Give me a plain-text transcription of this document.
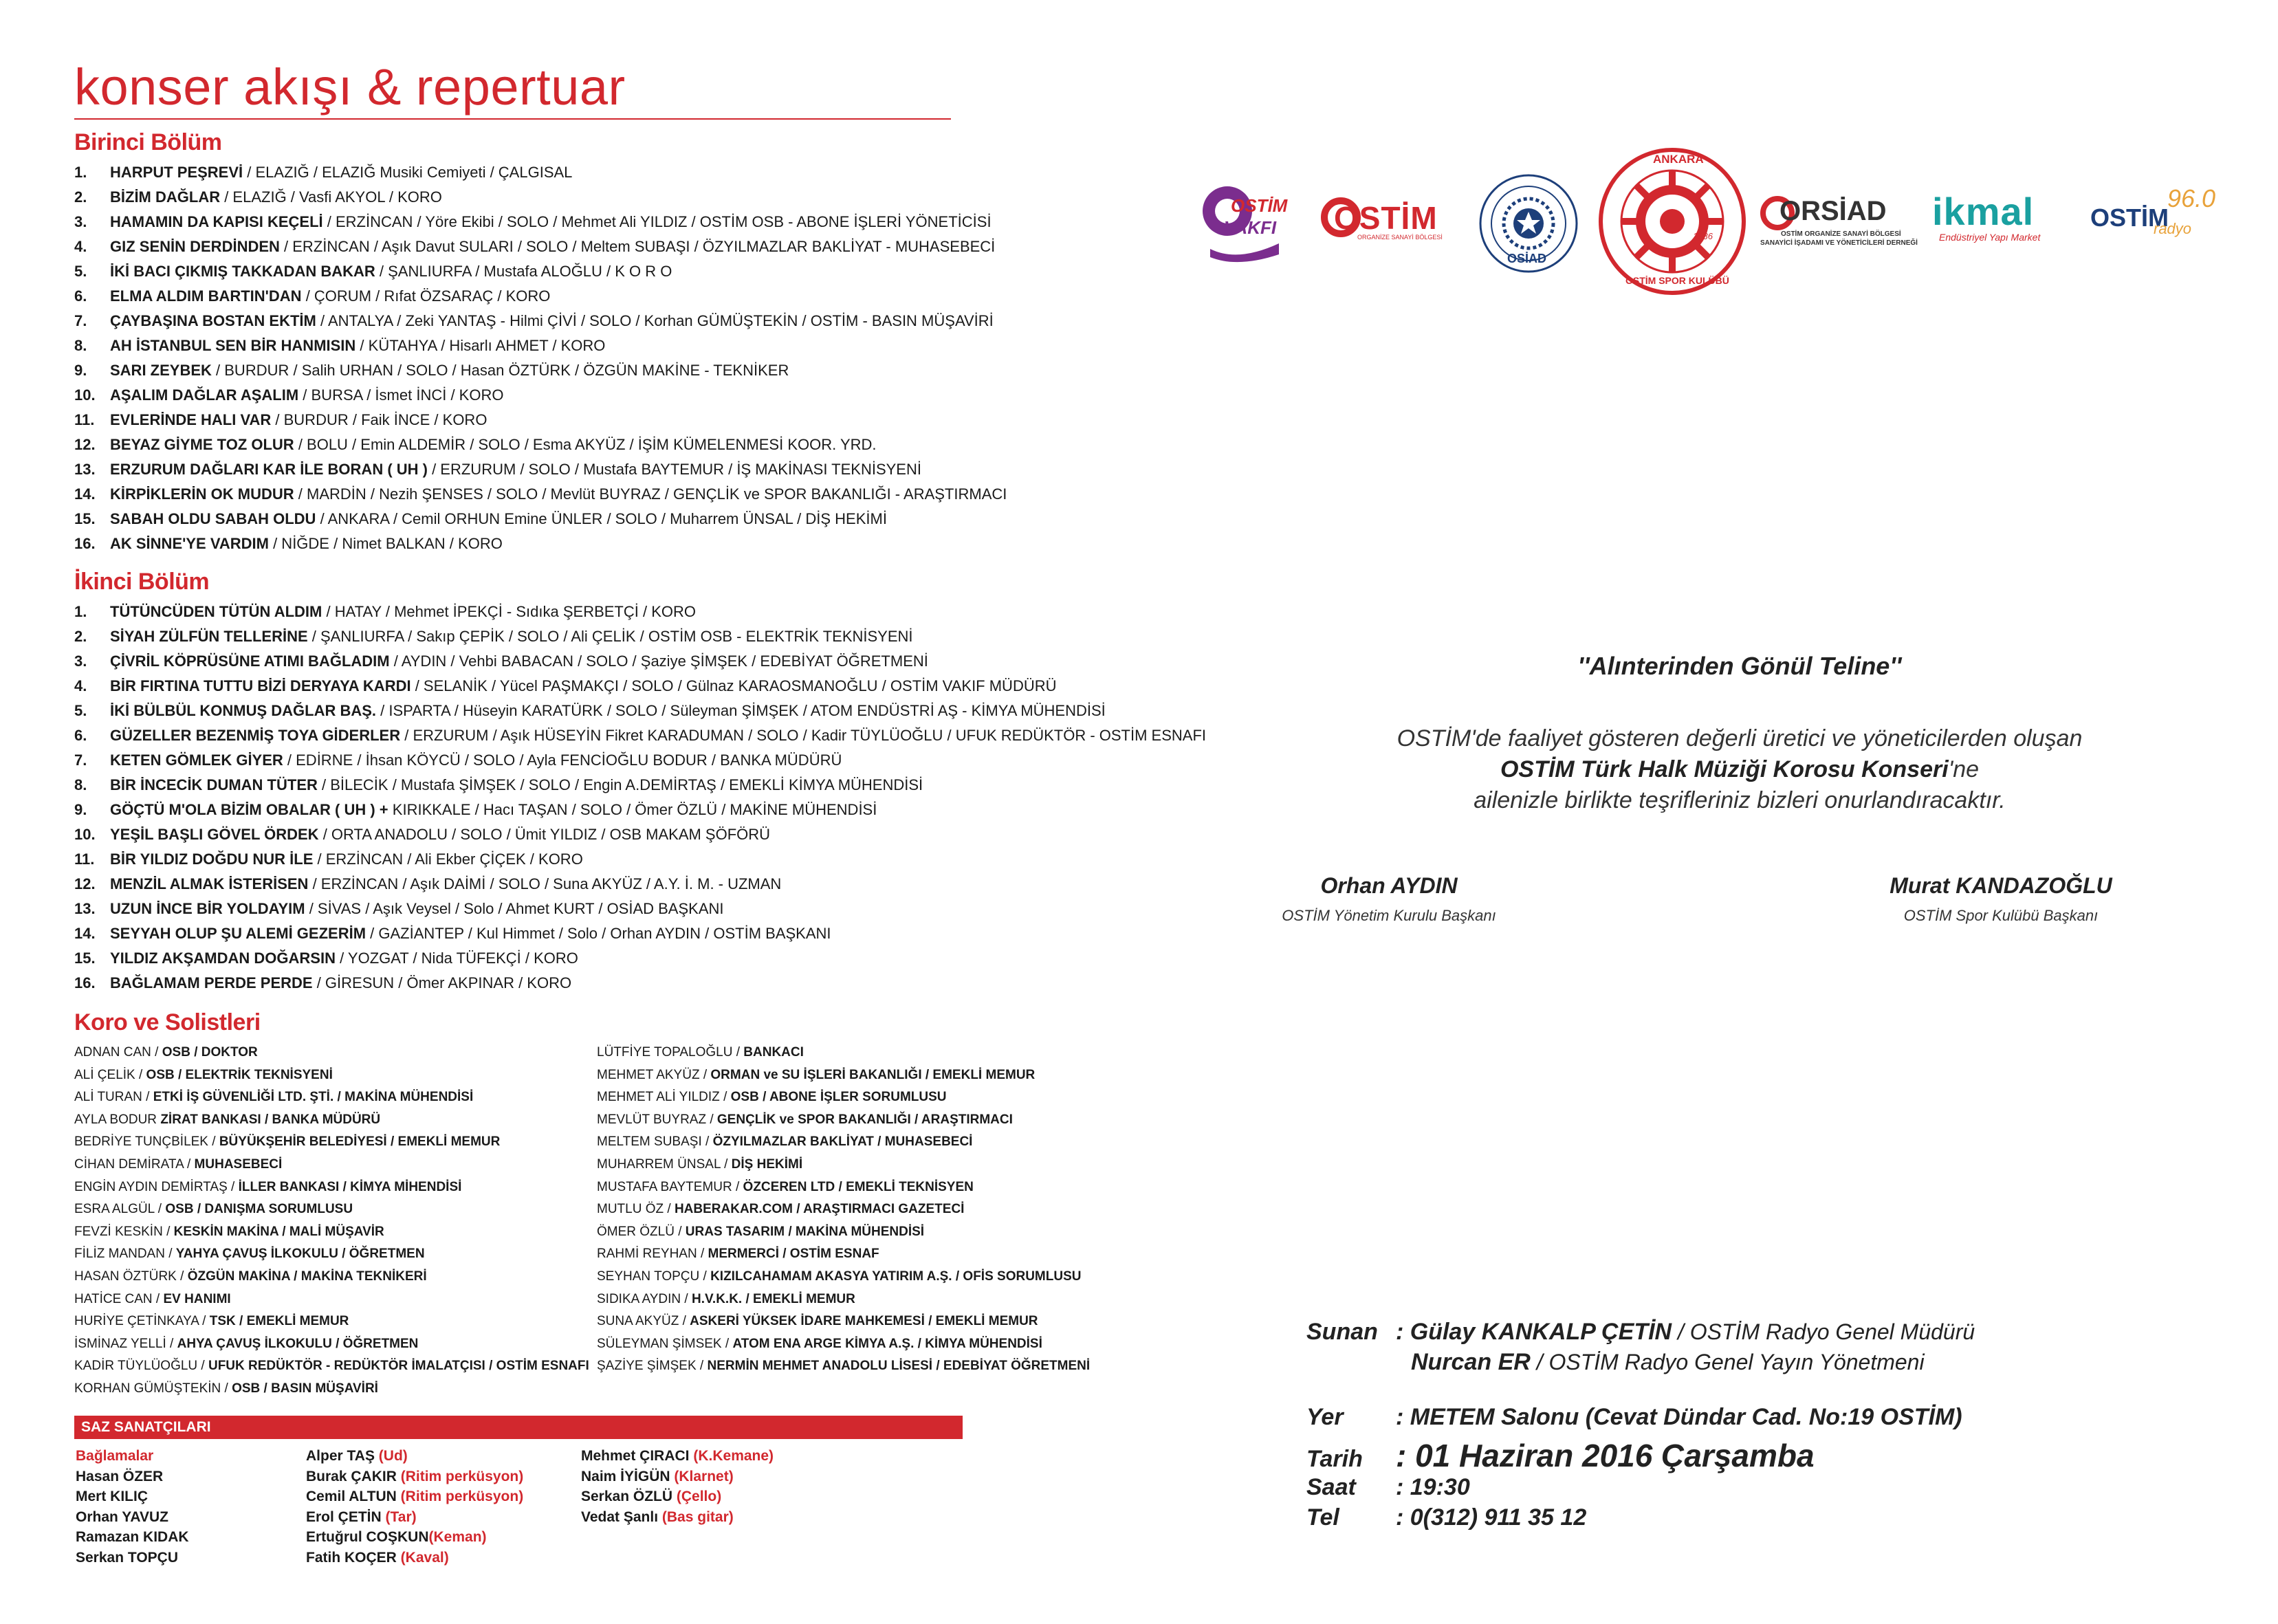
konser akışı & repertuar
Birinci Bölüm
1. HARPUT PEŞREVİ / ELAZIĞ / ELAZIĞ Musiki Cemiyeti / ÇALGISAL
2. BİZİM DAĞLAR / ELAZIĞ / Vasfi AKYOL / KORO
3. HAMAMIN DA KAPISI KEÇELİ / ERZİNCAN / Yöre Ekibi / SOLO / Mehmet Ali YILDIZ / OSTİM OSB - ABONE İŞLERİ YÖNETİCİSİ
4. GIZ SENİN DERDİNDEN / ERZİNCAN / Aşık Davut SULARI / SOLO / Meltem SUBAŞI / ÖZYILMAZLAR BAKLİYAT - MUHASEBECİ
5. İKİ BACI ÇIKMIŞ TAKKADAN BAKAR / ŞANLIURFA / Mustafa ALOĞLU / K O R O
6. ELMA ALDIM BARTIN'DAN / ÇORUM / Rıfat ÖZSARAÇ / KORO
7. ÇAYBAŞINA BOSTAN EKTİM / ANTALYA / Zeki YANTAŞ - Hilmi ÇİVİ / SOLO / Korhan GÜMÜŞTEKİN / OSTİM - BASIN MÜŞAVİRİ
8. AH İSTANBUL SEN BİR HANMISIN / KÜTAHYA / Hisarlı AHMET / KORO
9. SARI ZEYBEK / BURDUR / Salih URHAN / SOLO / Hasan ÖZTÜRK / ÖZGÜN MAKİNE - TEKNİKER
10. AŞALIM DAĞLAR AŞALIM / BURSA / İsmet İNCİ / KORO
11. EVLERİNDE HALI VAR / BURDUR / Faik İNCE / KORO
12. BEYAZ GİYME TOZ OLUR / BOLU / Emin ALDEMİR / SOLO / Esma AKYÜZ / İŞİM KÜMELENMESİ KOOR. YRD.
13. ERZURUM DAĞLARI KAR İLE BORAN ( UH ) / ERZURUM / SOLO / Mustafa BAYTEMUR / İŞ MAKİNASI TEKNİSYENİ
14. KİRPİKLERİN OK MUDUR / MARDİN / Nezih ŞENSES / SOLO / Mevlüt BUYRAZ / GENÇLİK ve SPOR BAKANLIĞI - ARAŞTIRMACI
15. SABAH OLDU SABAH OLDU / ANKARA / Cemil ORHUN Emine ÜNLER / SOLO / Muharrem ÜNSAL / DİŞ HEKİMİ
16. AK SİNNE'YE VARDIM / NİĞDE / Nimet BALKAN / KORO
İkinci Bölüm
1. TÜTÜNCÜDEN TÜTÜN ALDIM / HATAY / Mehmet İPEKÇİ - Sıdıka ŞERBETÇİ / KORO
2. SİYAH ZÜLFÜN TELLERİNE / ŞANLIURFA / Sakıp ÇEPİK / SOLO / Ali ÇELİK / OSTİM OSB - ELEKTRİK TEKNİSYENİ
3. ÇİVRİL KÖPRÜSÜNE ATIMI BAĞLADIM / AYDIN / Vehbi BABACAN / SOLO / Şaziye ŞİMŞEK / EDEBİYAT ÖĞRETMENİ
4. BİR FIRTINA TUTTU BİZİ DERYAYA KARDI / SELANİK / Yücel PAŞMAKÇI / SOLO / Gülnaz KARAOSMANOĞLU / OSTİM VAKIF MÜDÜRÜ
5. İKİ BÜLBÜL KONMUŞ DAĞLAR BAŞ. / ISPARTA / Hüseyin KARATÜRK / SOLO / Süleyman ŞİMŞEK / ATOM ENDÜSTRİ AŞ - KİMYA MÜHENDİSİ
6. GÜZELLER BEZENMİŞ TOYA GİDERLER / ERZURUM / Aşık HÜSEYİN Fikret KARADUMAN / SOLO / Kadir TÜYLÜOĞLU / UFUK REDÜKTÖR - OSTİM ESNAFI
7. KETEN GÖMLEK GİYER / EDİRNE / İhsan KÖYCÜ / SOLO / Ayla FENCİOĞLU BODUR / BANKA MÜDÜRÜ
8. BİR İNCECİK DUMAN TÜTER / BİLECİK / Mustafa ŞİMŞEK / SOLO / Engin A.DEMİRTAŞ / EMEKLİ KİMYA MÜHENDİSİ
9. GÖÇTÜ M'OLA BİZİM OBALAR ( UH ) + KIRIKKALE / Hacı TAŞAN / SOLO / Ömer ÖZLÜ / MAKİNE MÜHENDİSİ
10. YEŞİL BAŞLI GÖVEL ÖRDEK / ORTA ANADOLU / SOLO / Ümit YILDIZ / OSB MAKAM ŞÖFÖRÜ
11. BİR YILDIZ DOĞDU NUR İLE / ERZİNCAN / Ali Ekber ÇİÇEK / KORO
12. MENZİL ALMAK İSTERİSEN / ERZİNCAN / Aşık DAİMİ / SOLO / Suna AKYÜZ / A.Y. İ. M. - UZMAN
13. UZUN İNCE BİR YOLDAYIM / SİVAS / Aşık Veysel / Solo / Ahmet KURT / OSİAD BAŞKANI
14. SEYYAH OLUP ŞU ALEMİ GEZERİM / GAZİANTEP / Kul Himmet / Solo / Orhan AYDIN / OSTİM BAŞKANI
15. YILDIZ AKŞAMDAN DOĞARSIN / YOZGAT / Nida TÜFEKÇİ / KORO
16. BAĞLAMAM PERDE PERDE / GİRESUN / Ömer AKPINAR / KORO
Koro ve Solistleri
ADNAN CAN / OSB / DOKTOR
ALİ ÇELİK / OSB / ELEKTRİK TEKNİSYENİ
ALİ TURAN / ETKİ İŞ GÜVENLİĞİ LTD. ŞTİ. / MAKİNA MÜHENDİSİ
AYLA BODUR ZİRAT BANKASI / BANKA MÜDÜRÜ
BEDRİYE TUNÇBİLEK / BÜYÜKŞEHİR BELEDİYESİ / EMEKLİ MEMUR
CİHAN DEMİRATA / MUHASEBECİ
ENGİN AYDIN DEMİRTAŞ / İLLER BANKASI / KİMYA MİHENDİSİ
ESRA ALGÜL / OSB / DANIŞMA SORUMLUSU
FEVZİ KESKİN / KESKİN MAKİNA / MALİ MÜŞAVİR
FİLİZ MANDAN / YAHYA ÇAVUŞ İLKOKULU / ÖĞRETMEN
HASAN ÖZTÜRK / ÖZGÜN MAKİNA / MAKİNA TEKNİKERİ
HATİCE CAN / EV HANIMI
HURİYE ÇETİNKAYA / TSK / EMEKLİ MEMUR
İSMİNAZ YELLİ / AHYA ÇAVUŞ İLKOKULU / ÖĞRETMEN
KADİR TÜYLÜOĞLU / UFUK REDÜKTÖR - REDÜKTÖR İMALATÇISI / OSTİM ESNAFI
KORHAN GÜMÜŞTEKİN / OSB / BASIN MÜŞAVİRİ
LÜTFİYE TOPALOĞLU / BANKACI
MEHMET AKYÜZ / ORMAN ve SU İŞLERİ BAKANLIĞI / EMEKLİ MEMUR
MEHMET ALİ YILDIZ / OSB / ABONE İŞLER SORUMLUSU
MEVLÜT BUYRAZ / GENÇLİK ve SPOR BAKANLIĞI / ARAŞTIRMACI
MELTEM SUBAŞI / ÖZYILMAZLAR BAKLİYAT / MUHASEBECİ
MUHARREM ÜNSAL / DİŞ HEKİMİ
MUSTAFA BAYTEMUR / ÖZCEREN LTD / EMEKLİ TEKNİSYEN
MUTLU ÖZ / HABERAKAR.COM / ARAŞTIRMACI GAZETECİ
ÖMER ÖZLÜ / URAS TASARIM / MAKİNA MÜHENDİSİ
RAHMİ REYHAN / MERMERCİ / OSTİM ESNAF
SEYHAN TOPÇU / KIZILCAHAMAM AKASYA YATIRIM A.Ş. / OFİS SORUMLUSU
SIDIKA AYDIN / H.V.K.K. / EMEKLİ MEMUR
SUNA AKYÜZ / ASKERİ YÜKSEK İDARE MAHKEMESİ / EMEKLİ MEMUR
SÜLEYMAN ŞİMSEK / ATOM ENA ARGE KİMYA A.Ş. / KİMYA MÜHENDİSİ
ŞAZİYE ŞİMŞEK / NERMİN MEHMET ANADOLU LİSESİ / EDEBİYAT ÖĞRETMENİ
SAZ SANATÇILARI
Bağlamalar
Hasan ÖZER
Mert KILIÇ
Orhan YAVUZ
Ramazan KIDAK
Serkan TOPÇU
Alper TAŞ (Ud)
Burak ÇAKIR (Ritim perküsyon)
Cemil ALTUN (Ritim perküsyon)
Erol ÇETİN (Tar)
Ertuğrul COŞKUN(Keman)
Fatih KOÇER (Kaval)
Mehmet ÇIRACI (K.Kemane)
Naim İYİGÜN (Klarnet)
Serkan ÖZLÜ (Çello)
Vedat Şanlı (Bas gitar)
OSTİM
VAKFI OSTİM
ORGANİZE SANAYİ BÖLGESİ
OSİAD
ANKARA
OSTİM SPOR KULÜBÜ
1986
ORSİAD
OSTİM ORGANİZE SANAYİ BÖLGESİ
SANAYİCİ İŞADAMI VE YÖNETİCİLERİ DERNEĞİ
ikmal
Endüstriyel Yapı Market
OSTİM
96.0
radyo
''Alınterinden Gönül Teline''
OSTİM'de faaliyet gösteren değerli üretici ve yöneticilerden oluşan
OSTİM Türk Halk Müziği Korosu Konseri'ne
ailenizle birlikte teşrifleriniz bizleri onurlandıracaktır.
Orhan AYDIN
OSTİM Yönetim Kurulu Başkanı
Murat KANDAZOĞLU
OSTİM Spor Kulübü Başkanı
Sunan : Gülay KANKALP ÇETİN / OSTİM Radyo Genel Müdürü
Nurcan ER / OSTİM Radyo Genel Yayın Yönetmeni
Yer : METEM Salonu (Cevat Dündar Cad. No:19 OSTİM)
Tarih : 01 Haziran 2016 Çarşamba
Saat : 19:30
Tel : 0(312) 911 35 12
